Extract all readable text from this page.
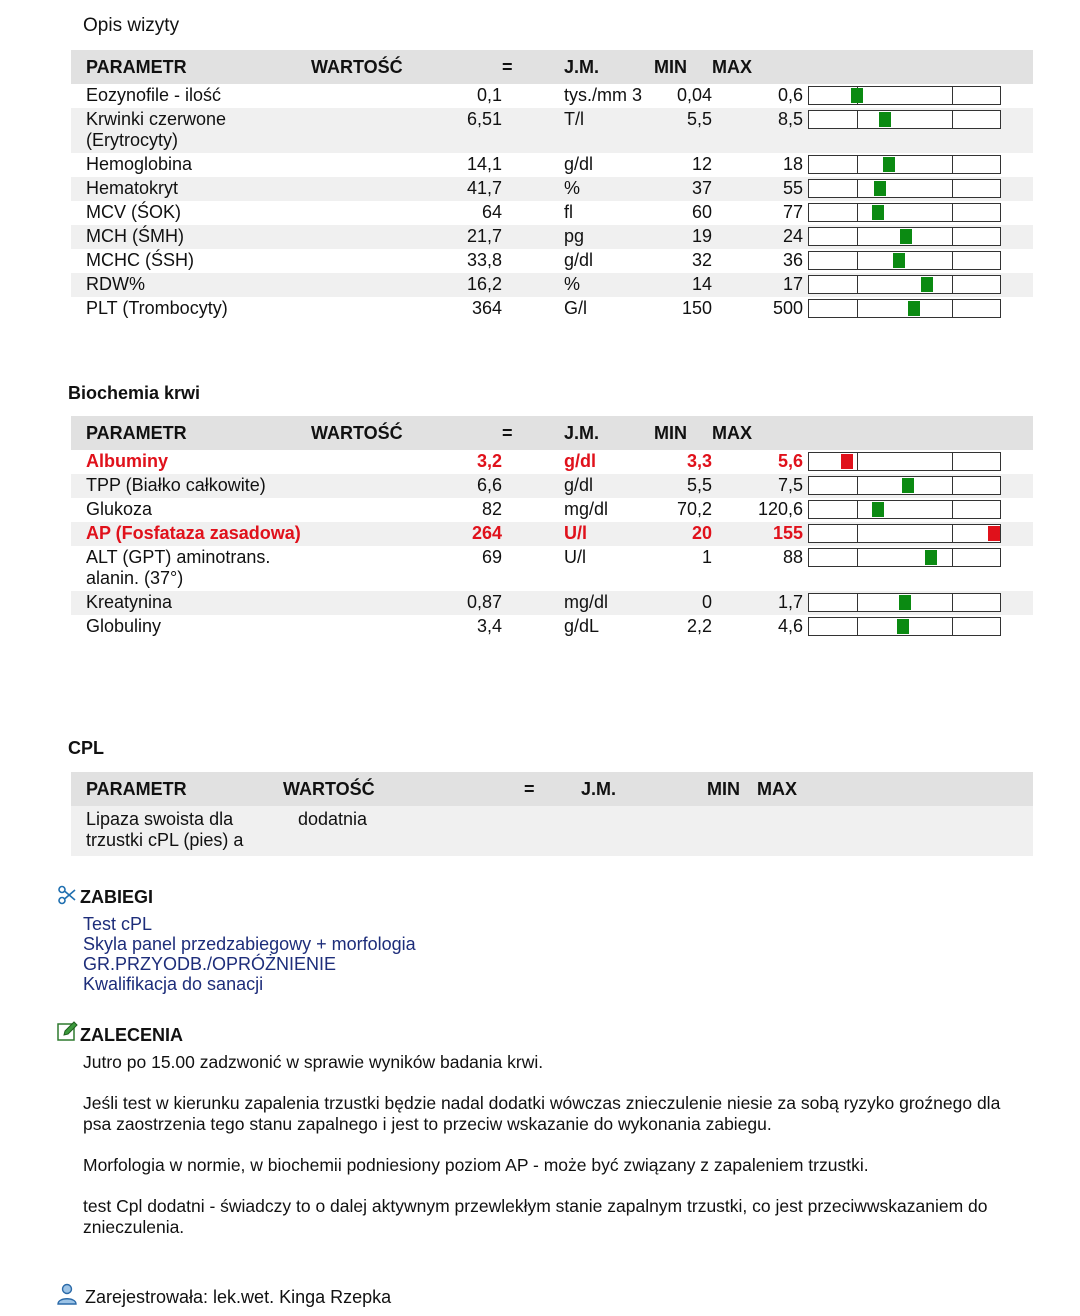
Opis wizyty
PARAMETR	WARTOŚĆ	=	J.M.	MIN	MAX	
Eozynofile - ilość	0,1		tys./mm 3	0,04	0,6	

Krwinki czerwone (Erytrocyty)	6,51		T/l	5,5	8,5	

Hemoglobina	14,1		g/dl	12	18	

Hematokryt	41,7		%	37	55	

MCV (ŚOK)	64		fl	60	77	

MCH (ŚMH)	21,7		pg	19	24	

MCHC (ŚSH)	33,8		g/dl	32	36	

RDW%	16,2		%	14	17	

PLT (Trombocyty)	364		G/l	150	500	
Biochemia krwi
PARAMETR	WARTOŚĆ	=	J.M.	MIN	MAX	
Albuminy	3,2		g/dl	3,3	5,6	

TPP (Białko całkowite)	6,6		g/dl	5,5	7,5	

Glukoza	82		mg/dl	70,2	120,6	

AP (Fosfataza zasadowa)	264		U/l	20	155	

ALT (GPT) aminotrans. alanin. (37°)	69		U/l	1	88	

Kreatynina	0,87		mg/dl	0	1,7	

Globuliny	3,4		g/dL	2,2	4,6	
CPL
PARAMETR	WARTOŚĆ	=	J.M.	MIN	MAX	
Lipaza swoista dla trzustki cPL (pies) a	dodatnia					
ZABIEGI
Test cPL
Skyla panel przedzabiegowy + morfologia
GR.PRZYODB./OPRÓŻNIENIE
Kwalifikacja do sanacji
ZALECENIA
Jutro po 15.00 zadzwonić w sprawie wyników badania krwi.
Jeśli test w kierunku zapalenia trzustki będzie nadal dodatki wówczas znieczulenie niesie za sobą ryzyko groźnego dla psa zaostrzenia tego stanu zapalnego i jest to przeciw wskazanie do wykonania zabiegu.
Morfologia w normie, w biochemii podniesiony poziom AP - może być związany z zapaleniem trzustki.
test Cpl dodatni - świadczy to o dalej aktywnym przewlekłym stanie zapalnym trzustki, co jest przeciwwskazaniem do znieczulenia.
Zarejestrowała: lek.wet. Kinga Rzepka
